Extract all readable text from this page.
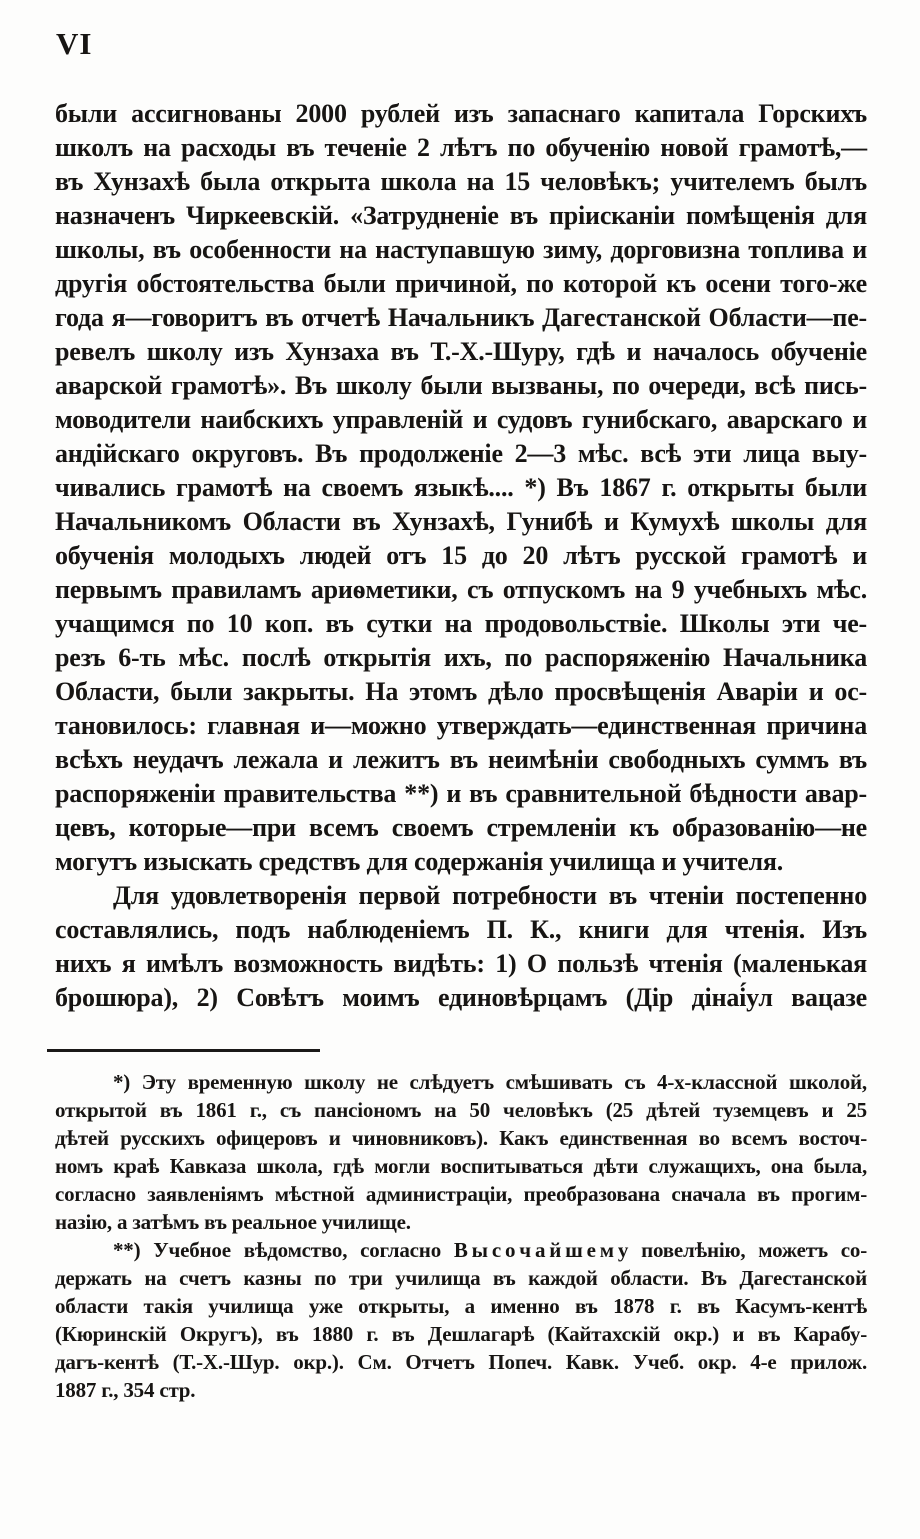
VI
были ассигнованы 2000 рублей изъ запаснаго капитала Горскихъ
школъ на расходы въ теченіе 2 лѣтъ по обученію новой грамотѣ,—
въ Хунзахѣ была открыта школа на 15 человѣкъ; учителемъ былъ
назначенъ Чиркеевскій. «Затрудненіе въ пріисканіи помѣщенія для
школы, въ особенности на наступавшую зиму, дорговизна топлива и
другія обстоятельства были причиной, по которой къ осени того-же
года я—говоритъ въ отчетѣ Начальникъ Дагестанской Области—пе-
ревелъ школу изъ Хунзаха въ Т.-Х.-Шуру, гдѣ и началось обученіе
аварской грамотѣ». Въ школу были вызваны, по очереди, всѣ пись-
моводители наибскихъ управленій и судовъ гунибскаго, аварскаго и
андійскаго округовъ. Въ продолженіе 2—3 мѣс. всѣ эти лица выу-
чивались грамотѣ на своемъ языкѣ.... *) Въ 1867 г. открыты были
Начальникомъ Области въ Хунзахѣ, Гунибѣ и Кумухѣ школы для
обученія молодыхъ людей отъ 15 до 20 лѣтъ русской грамотѣ и
первымъ правиламъ ариѳметики, съ отпускомъ на 9 учебныхъ мѣс.
учащимся по 10 коп. въ сутки на продовольствіе. Школы эти че-
резъ 6-ть мѣс. послѣ открытія ихъ, по распоряженію Начальника
Области, были закрыты. На этомъ дѣло просвѣщенія Аваріи и ос-
тановилось: главная и—можно утверждать—единственная причина
всѣхъ неудачъ лежала и лежитъ въ неимѣніи свободныхъ суммъ въ
распоряженіи правительства **) и въ сравнительной бѣдности авар-
цевъ, которые—при всемъ своемъ стремленіи къ образованію—не
могутъ изыскать средствъ для содержанія училища и учителя.
Для удовлетворенія первой потребности въ чтеніи постепенно
составлялись, подъ наблюденіемъ П. К., книги для чтенія. Изъ
нихъ я имѣлъ возможность видѣть: 1) О пользѣ чтенія (маленькая
брошюра), 2) Совѣтъ моимъ единовѣрцамъ (Дір дінаі́ул вацазе
*) Эту временную школу не слѣдуетъ смѣшивать съ 4-х-классной школой,
открытой въ 1861 г., съ пансіономъ на 50 человѣкъ (25 дѣтей туземцевъ и 25
дѣтей русскихъ офицеровъ и чиновниковъ). Какъ единственная во всемъ восточ-
номъ краѣ Кавказа школа, гдѣ могли воспитываться дѣти служащихъ, она была,
согласно заявленіямъ мѣстной администраціи, преобразована сначала въ прогим-
назію, а затѣмъ въ реальное училище.
**) Учебное вѣдомство, согласно В ы с о ч а й ш е м у повелѣнію, можетъ со-
держать на счетъ казны по три училища въ каждой области. Въ Дагестанской
области такія училища уже открыты, а именно въ 1878 г. въ Касумъ-кентѣ
(Кюринскій Округъ), въ 1880 г. въ Дешлагарѣ (Кайтахскій окр.) и въ Карабу-
дагъ-кентѣ (Т.-Х.-Шур. окр.). См. Отчетъ Попеч. Кавк. Учеб. окр. 4-е прилож.
1887 г., 354 стр.
